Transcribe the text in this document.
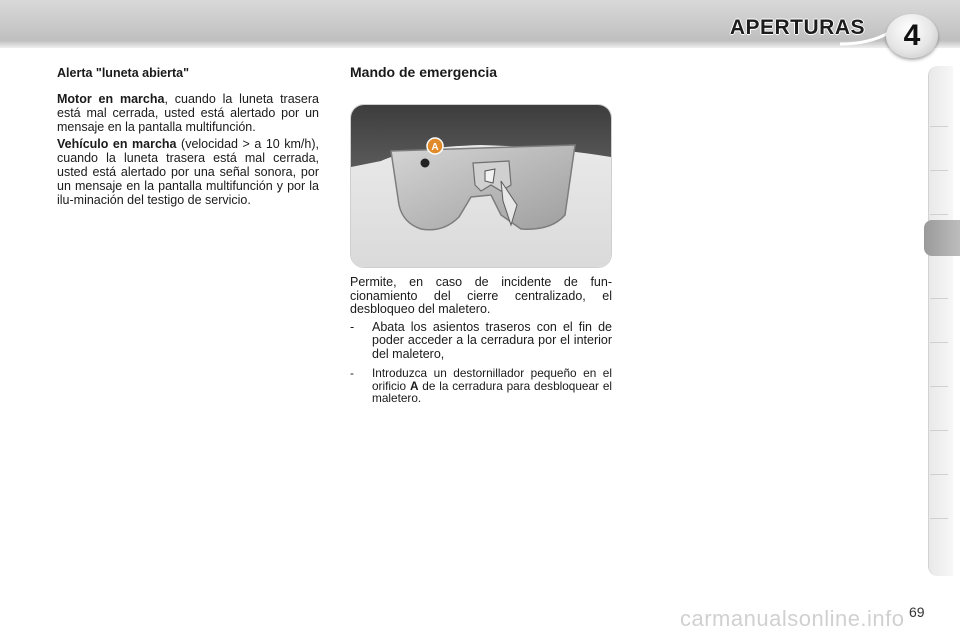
APERTURAS 4
Alerta "luneta abierta"

Motor en marcha, cuando la luneta trasera está mal cerrada, usted está alertado por un mensaje en la pantalla multifunción.

Vehículo en marcha (velocidad > a 10 km/h), cuando la luneta trasera está mal cerrada, usted está alertado por una señal sonora, por un mensaje en la pantalla multifunción y por la ilu-minación del testigo de servicio.

Mando de emergencia
A

Permite, en caso de incidente de fun-cionamiento del cierre centralizado, el desbloqueo del maletero.

- Abata los asientos traseros con el fin de poder acceder a la cerradura por el interior del maletero,
- Introduzca un destornillador pequeño en el orificio A de la cerradura para desbloquear el maletero.
carmanualsonline.info 69
